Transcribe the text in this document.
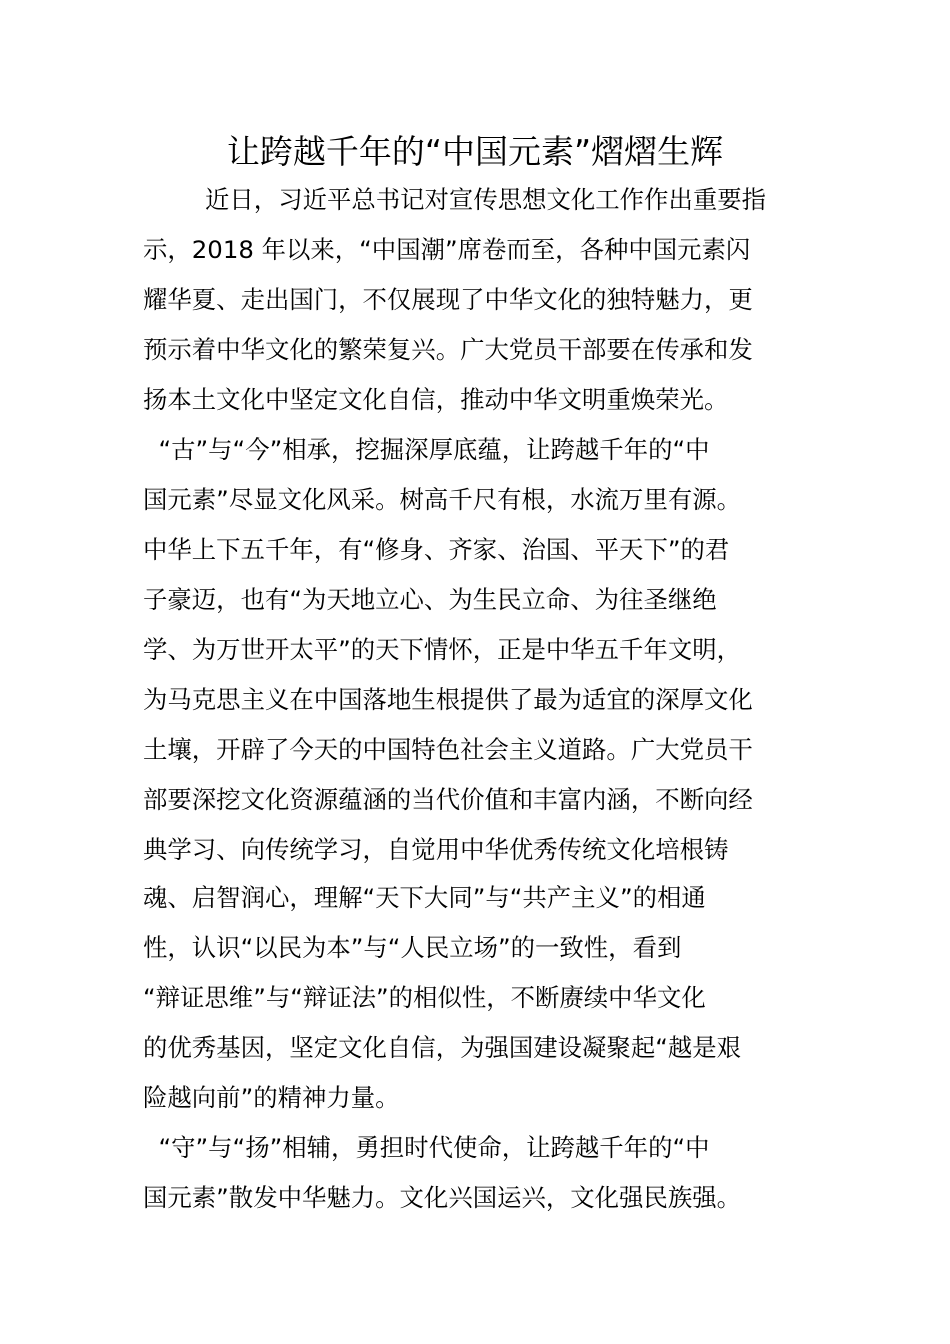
让跨越千年的“中国元素”熠熠生辉
近日，习近平总书记对宣传思想文化工作作出重要指
示，2018 年以来，“中国潮”席卷而至，各种中国元素闪
耀华夏、走出国门，不仅展现了中华文化的独特魅力，更
预示着中华文化的繁荣复兴。广大党员干部要在传承和发
扬本土文化中坚定文化自信，推动中华文明重焕荣光。
“古”与“今”相承，挖掘深厚底蕴，让跨越千年的“中
国元素”尽显文化风采。树高千尺有根，水流万里有源。
中华上下五千年，有“修身、齐家、治国、平天下”的君
子豪迈，也有“为天地立心、为生民立命、为往圣继绝
学、为万世开太平”的天下情怀，正是中华五千年文明，
为马克思主义在中国落地生根提供了最为适宜的深厚文化
土壤，开辟了今天的中国特色社会主义道路。广大党员干
部要深挖文化资源蕴涵的当代价值和丰富内涵，不断向经
典学习、向传统学习，自觉用中华优秀传统文化培根铸
魂、启智润心，理解“天下大同”与“共产主义”的相通
性，认识“以民为本”与“人民立场”的一致性，看到
“辩证思维”与“辩证法”的相似性，不断赓续中华文化
的优秀基因，坚定文化自信，为强国建设凝聚起“越是艰
险越向前”的精神力量。
“守”与“扬”相辅，勇担时代使命，让跨越千年的“中
国元素”散发中华魅力。文化兴国运兴，文化强民族强。
